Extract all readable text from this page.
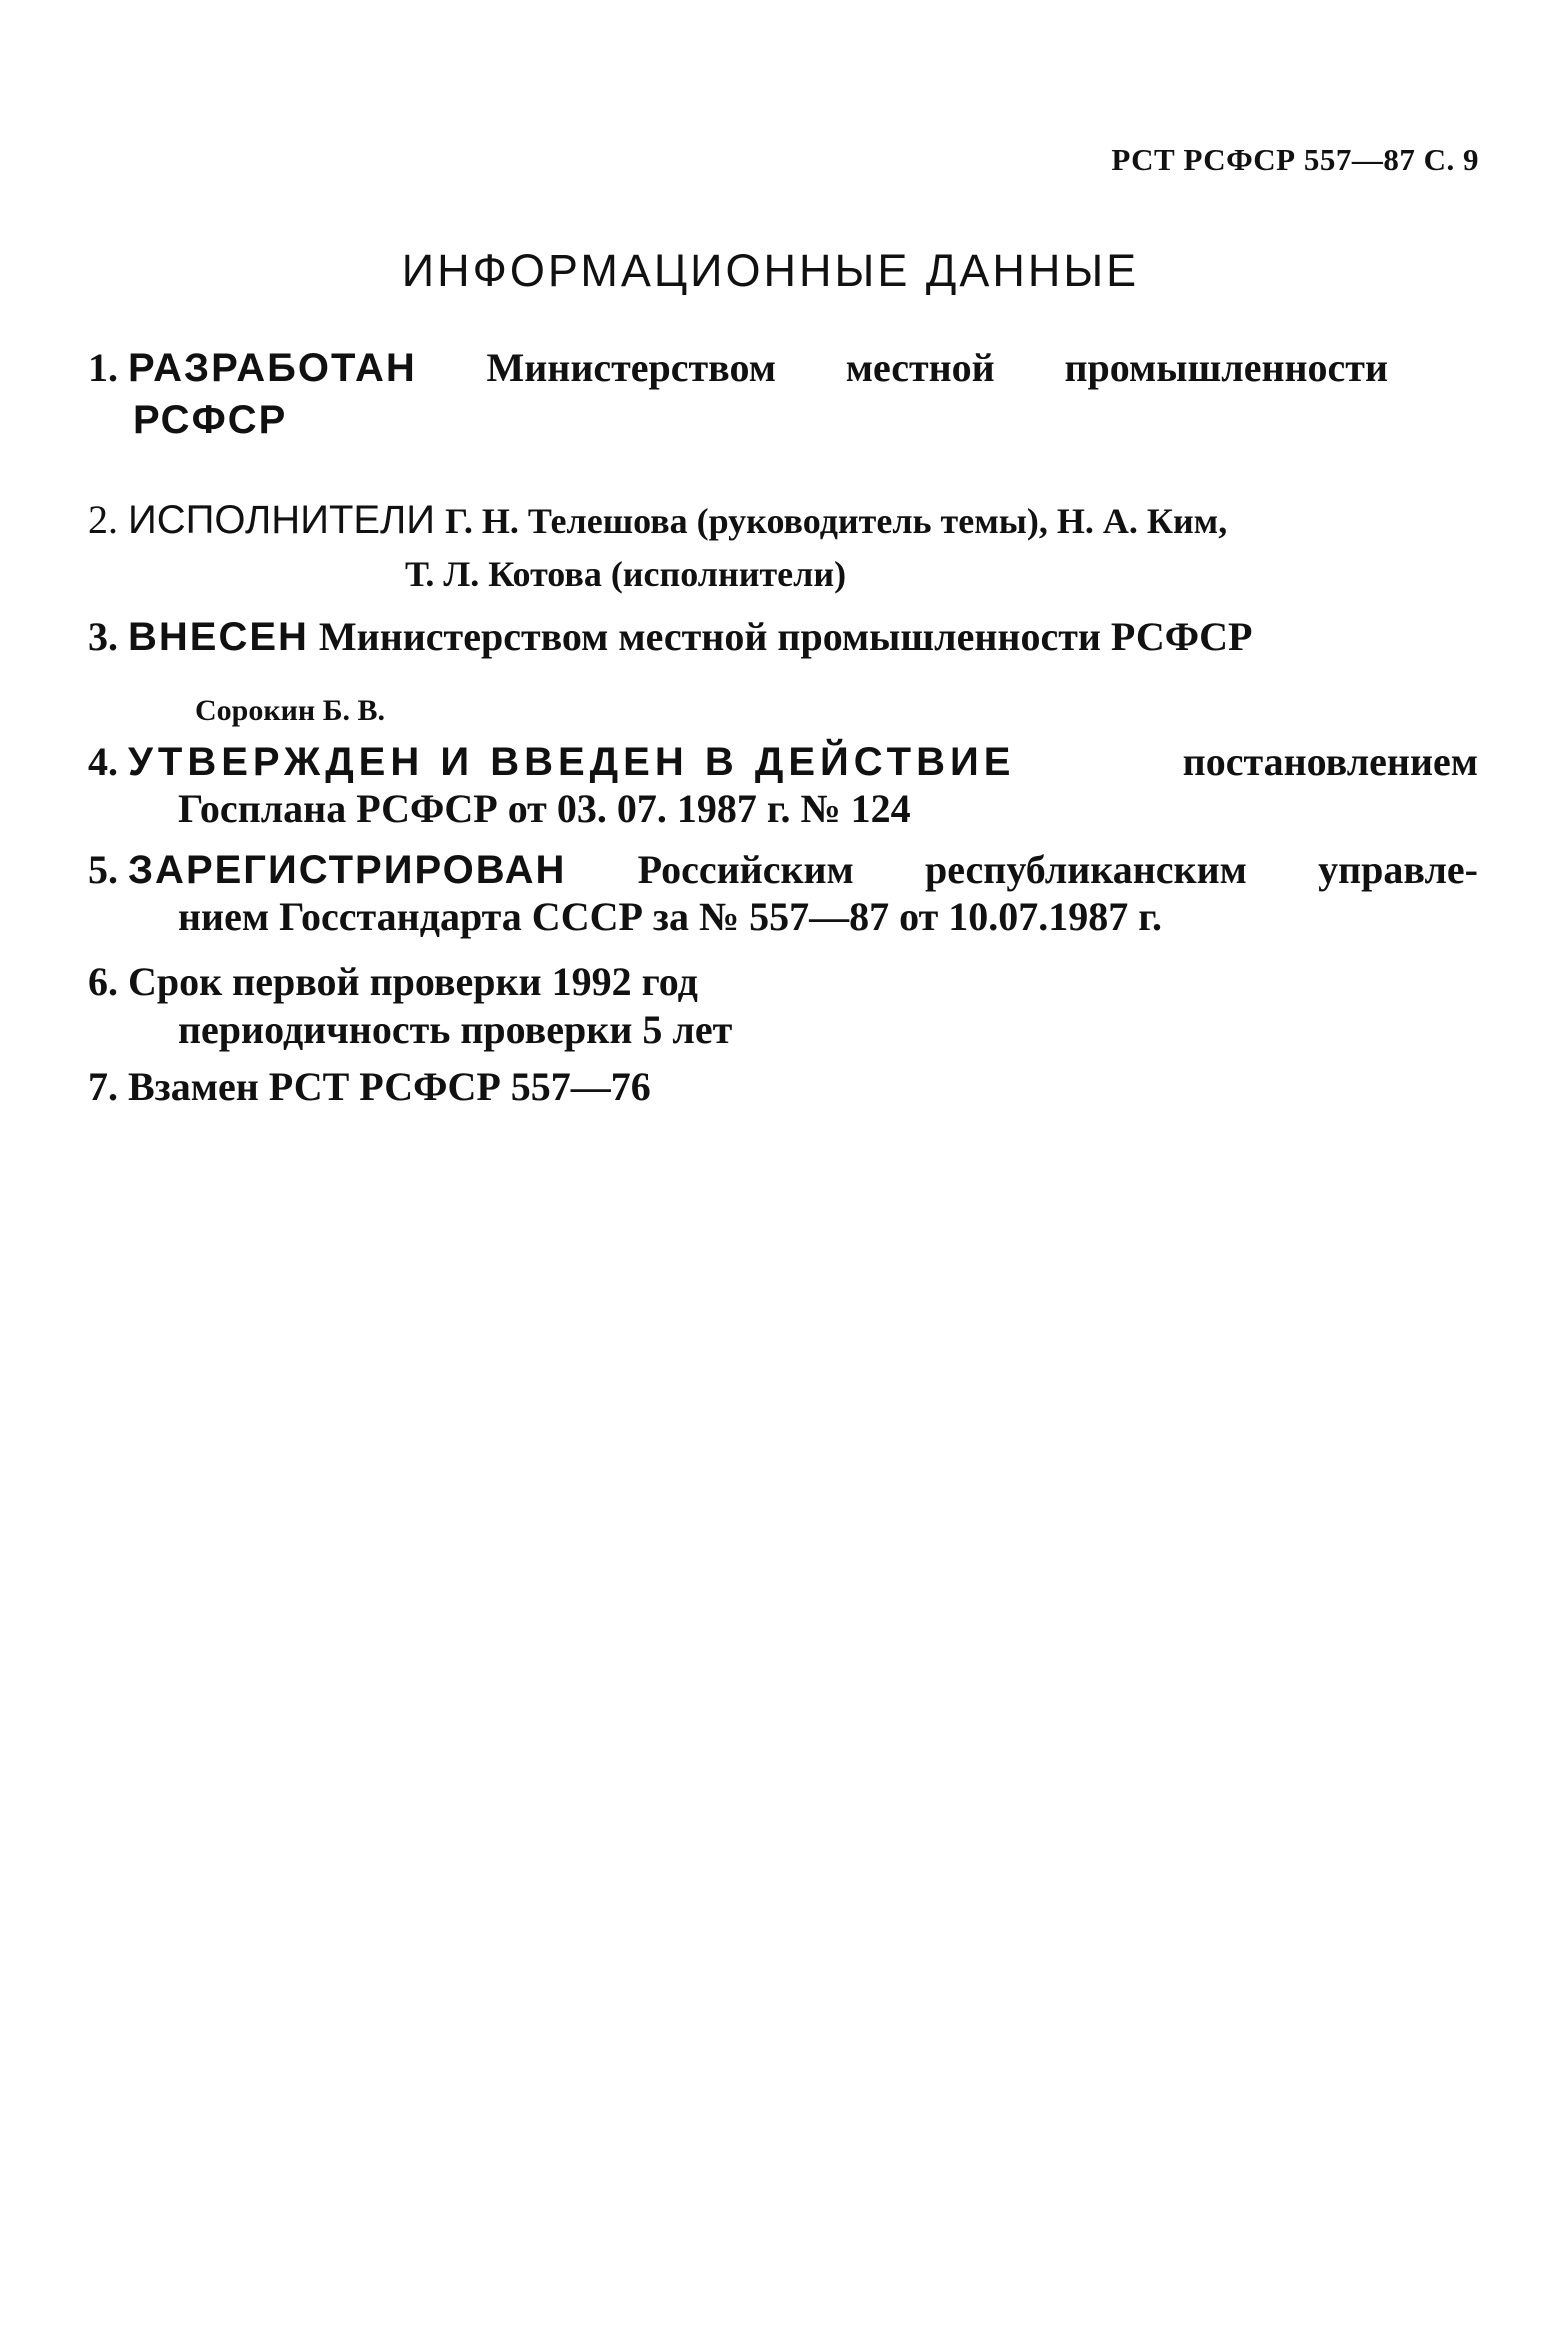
РСТ РСФСР 557—87 С. 9
ИНФОРМАЦИОННЫЕ ДАННЫЕ
1. РАЗРАБОТАН Министерством местной промышленности
РСФСР
2. ИСПОЛНИТЕЛИ Г. Н. Телешова (руководитель темы), Н. А. Ким,
Т. Л. Котова (исполнители)
3. ВНЕСЕН Министерством местной промышленности РСФСР
Сорокин Б. В.
4. УТВЕРЖДЕН И ВВЕДЕН В ДЕЙСТВИЕ	постановлением
Госплана РСФСР от 03. 07. 1987 г. № 124
5. ЗАРЕГИСТРИРОВАН Российским республиканским управле-
нием Госстандарта СССР за № 557—87 от 10.07.1987 г.
6. Срок первой проверки 1992 год
периодичность проверки 5 лет
7. Взамен РСТ РСФСР 557—76
